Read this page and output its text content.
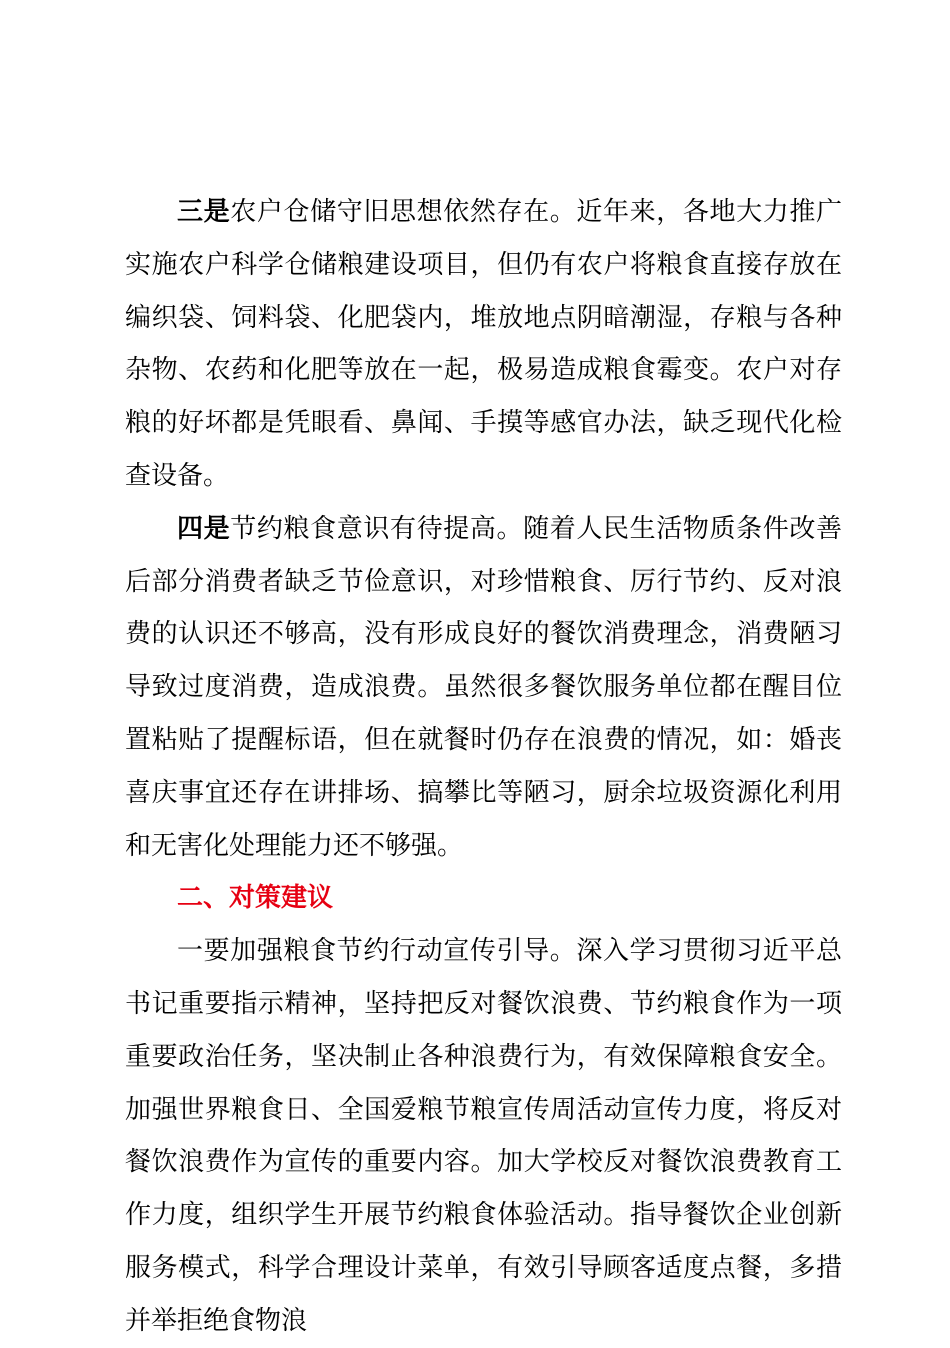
三是农户仓储守旧思想依然存在。近年来，各地大力推广实施农户科学仓储粮建设项目，但仍有农户将粮食直接存放在编织袋、饲料袋、化肥袋内，堆放地点阴暗潮湿，存粮与各种杂物、农药和化肥等放在一起，极易造成粮食霉变。农户对存粮的好坏都是凭眼看、鼻闻、手摸等感官办法，缺乏现代化检查设备。

四是节约粮食意识有待提高。随着人民生活物质条件改善后部分消费者缺乏节俭意识，对珍惜粮食、厉行节约、反对浪费的认识还不够高，没有形成良好的餐饮消费理念，消费陋习导致过度消费，造成浪费。虽然很多餐饮服务单位都在醒目位置粘贴了提醒标语，但在就餐时仍存在浪费的情况，如：婚丧喜庆事宜还存在讲排场、搞攀比等陋习，厨余垃圾资源化利用和无害化处理能力还不够强。

二、对策建议

一要加强粮食节约行动宣传引导。深入学习贯彻习近平总书记重要指示精神，坚持把反对餐饮浪费、节约粮食作为一项重要政治任务，坚决制止各种浪费行为，有效保障粮食安全。加强世界粮食日、全国爱粮节粮宣传周活动宣传力度，将反对餐饮浪费作为宣传的重要内容。加大学校反对餐饮浪费教育工作力度，组织学生开展节约粮食体验活动。指导餐饮企业创新服务模式，科学合理设计菜单，有效引导顾客适度点餐，多措并举拒绝食物浪
